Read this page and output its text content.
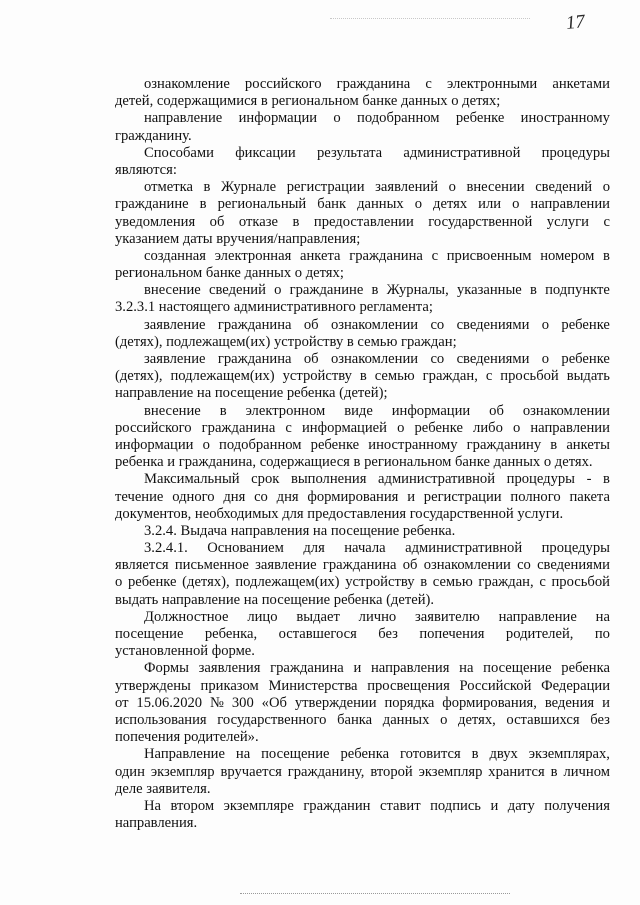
17
ознакомление российского гражданина с электронными анкетами
детей, содержащимися в региональном банке данных о детях;
направление информации о подобранном ребенке иностранному
гражданину.
Способами фиксации результата административной процедуры
являются:
отметка в Журнале регистрации заявлений о внесении сведений о
гражданине в региональный банк данных о детях или о направлении
уведомления об отказе в предоставлении государственной услуги с
указанием даты вручения/направления;
созданная электронная анкета гражданина с присвоенным номером в
региональном банке данных о детях;
внесение сведений о гражданине в Журналы, указанные в подпункте
3.2.3.1 настоящего административного регламента;
заявление гражданина об ознакомлении со сведениями о ребенке
(детях), подлежащем(их) устройству в семью граждан;
заявление гражданина об ознакомлении со сведениями о ребенке
(детях), подлежащем(их) устройству в семью граждан, с просьбой выдать
направление на посещение ребенка (детей);
внесение в электронном виде информации об ознакомлении
российского гражданина с информацией о ребенке либо о направлении
информации о подобранном ребенке иностранному гражданину в анкеты
ребенка и гражданина, содержащиеся в региональном банке данных о детях.
Максимальный срок выполнения административной процедуры - в
течение одного дня со дня формирования и регистрации полного пакета
документов, необходимых для предоставления государственной услуги.
3.2.4. Выдача направления на посещение ребенка.
3.2.4.1. Основанием для начала административной процедуры
является письменное заявление гражданина об ознакомлении со сведениями
о ребенке (детях), подлежащем(их) устройству в семью граждан, с просьбой
выдать направление на посещение ребенка (детей).
Должностное лицо выдает лично заявителю направление на
посещение ребенка, оставшегося без попечения родителей, по
установленной форме.
Формы заявления гражданина и направления на посещение ребенка
утверждены приказом Министерства просвещения Российской Федерации
от 15.06.2020 № 300 «Об утверждении порядка формирования, ведения и
использования государственного банка данных о детях, оставшихся без
попечения родителей».
Направление на посещение ребенка готовится в двух экземплярах,
один экземпляр вручается гражданину, второй экземпляр хранится в личном
деле заявителя.
На втором экземпляре гражданин ставит подпись и дату получения
направления.
